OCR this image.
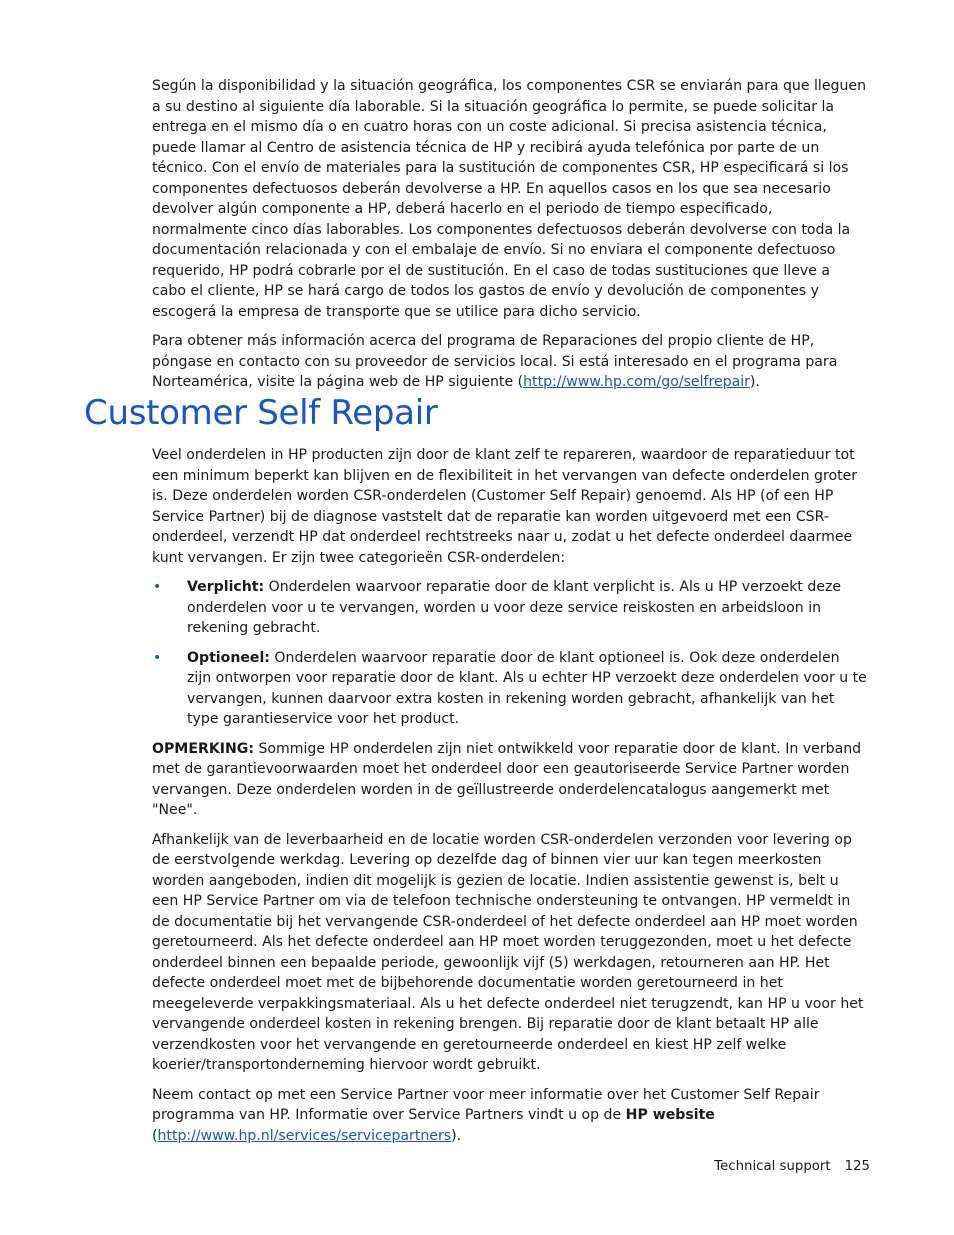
Según la disponibilidad y la situación geográfica, los componentes CSR se enviarán para que lleguen a su destino al siguiente día laborable. Si la situación geográfica lo permite, se puede solicitar la entrega en el mismo día o en cuatro horas con un coste adicional. Si precisa asistencia técnica, puede llamar al Centro de asistencia técnica de HP y recibirá ayuda telefónica por parte de un técnico. Con el envío de materiales para la sustitución de componentes CSR, HP especificará si los componentes defectuosos deberán devolverse a HP. En aquellos casos en los que sea necesario devolver algún componente a HP, deberá hacerlo en el periodo de tiempo especificado, normalmente cinco días laborables. Los componentes defectuosos deberán devolverse con toda la documentación relacionada y con el embalaje de envío. Si no enviara el componente defectuoso requerido, HP podrá cobrarle por el de sustitución. En el caso de todas sustituciones que lleve a cabo el cliente, HP se hará cargo de todos los gastos de envío y devolución de componentes y escogerá la empresa de transporte que se utilice para dicho servicio.

Para obtener más información acerca del programa de Reparaciones del propio cliente de HP, póngase en contacto con su proveedor de servicios local. Si está interesado en el programa para Norteamérica, visite la página web de HP siguiente (http://www.hp.com/go/selfrepair).

Customer Self Repair

Veel onderdelen in HP producten zijn door de klant zelf te repareren, waardoor de reparatieduur tot een minimum beperkt kan blijven en de flexibiliteit in het vervangen van defecte onderdelen groter is. Deze onderdelen worden CSR-onderdelen (Customer Self Repair) genoemd. Als HP (of een HP Service Partner) bij de diagnose vaststelt dat de reparatie kan worden uitgevoerd met een CSR-onderdeel, verzendt HP dat onderdeel rechtstreeks naar u, zodat u het defecte onderdeel daarmee kunt vervangen. Er zijn twee categorieën CSR-onderdelen:

• Verplicht: Onderdelen waarvoor reparatie door de klant verplicht is. Als u HP verzoekt deze onderdelen voor u te vervangen, worden u voor deze service reiskosten en arbeidsloon in rekening gebracht.
• Optioneel: Onderdelen waarvoor reparatie door de klant optioneel is. Ook deze onderdelen zijn ontworpen voor reparatie door de klant. Als u echter HP verzoekt deze onderdelen voor u te vervangen, kunnen daarvoor extra kosten in rekening worden gebracht, afhankelijk van het type garantieservice voor het product.

OPMERKING: Sommige HP onderdelen zijn niet ontwikkeld voor reparatie door de klant. In verband met de garantievoorwaarden moet het onderdeel door een geautoriseerde Service Partner worden vervangen. Deze onderdelen worden in de geïllustreerde onderdelencatalogus aangemerkt met "Nee".

Afhankelijk van de leverbaarheid en de locatie worden CSR-onderdelen verzonden voor levering op de eerstvolgende werkdag. Levering op dezelfde dag of binnen vier uur kan tegen meerkosten worden aangeboden, indien dit mogelijk is gezien de locatie. Indien assistentie gewenst is, belt u een HP Service Partner om via de telefoon technische ondersteuning te ontvangen. HP vermeldt in de documentatie bij het vervangende CSR-onderdeel of het defecte onderdeel aan HP moet worden geretourneerd. Als het defecte onderdeel aan HP moet worden teruggezonden, moet u het defecte onderdeel binnen een bepaalde periode, gewoonlijk vijf (5) werkdagen, retourneren aan HP. Het defecte onderdeel moet met de bijbehorende documentatie worden geretourneerd in het meegeleverde verpakkingsmateriaal. Als u het defecte onderdeel niet terugzendt, kan HP u voor het vervangende onderdeel kosten in rekening brengen. Bij reparatie door de klant betaalt HP alle verzendkosten voor het vervangende en geretourneerde onderdeel en kiest HP zelf welke koerier/transportonderneming hiervoor wordt gebruikt.

Neem contact op met een Service Partner voor meer informatie over het Customer Self Repair programma van HP. Informatie over Service Partners vindt u op de HP website
(http://www.hp.nl/services/servicepartners).

Technical support 125
